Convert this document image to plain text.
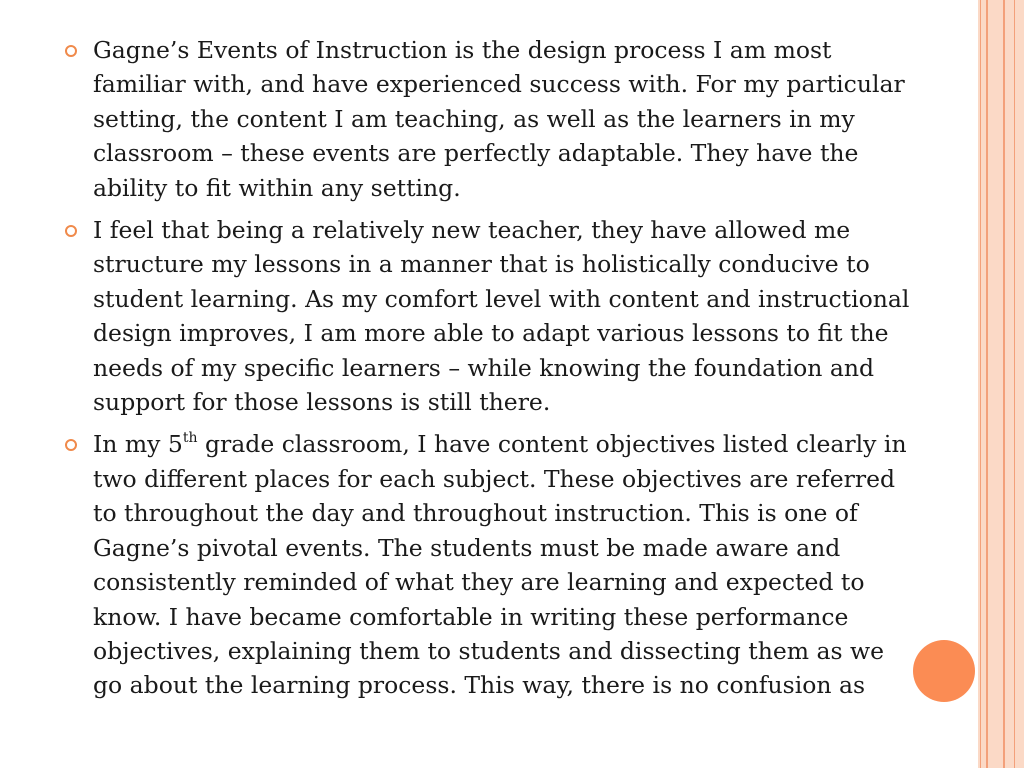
Gagne’s Events of Instruction is the design process I am most familiar with, and have experienced success with. For my particular setting, the content I am teaching, as well as the learners in my classroom – these events are perfectly adaptable. They have the ability to fit within any setting.
I feel that being a relatively new teacher, they have allowed me structure my lessons in a manner that is holistically conducive to student learning. As my comfort level with content and instructional design improves, I am more able to adapt various lessons to fit the needs of my specific learners – while knowing the foundation and support for those lessons is still there.
In my 5th grade classroom, I have content objectives listed clearly in two different places for each subject. These objectives are referred to throughout the day and throughout instruction. This is one of Gagne’s pivotal events. The students must be made aware and consistently reminded of what they are learning and expected to know. I have became comfortable in writing these performance objectives, explaining them to students and dissecting them as we go about the learning process. This way, there is no confusion as
